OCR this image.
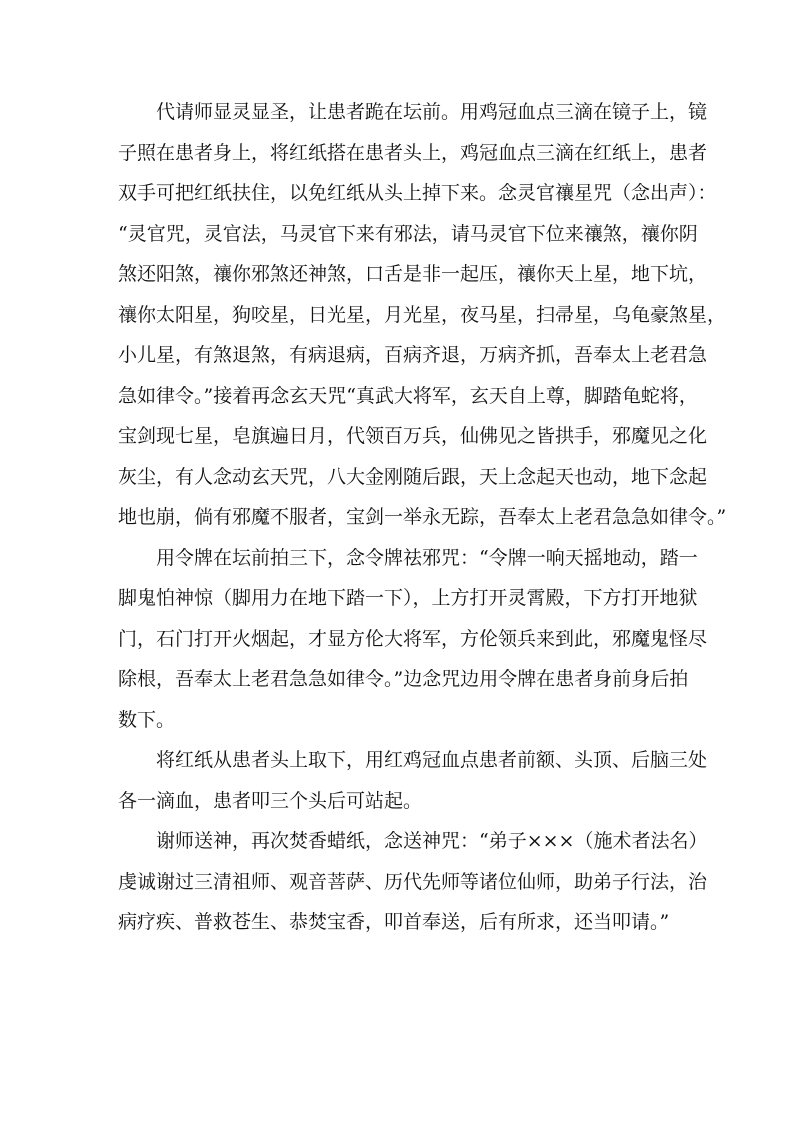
代请师显灵显圣，让患者跪在坛前。用鸡冠血点三滴在镜子上，镜
子照在患者身上，将红纸搭在患者头上，鸡冠血点三滴在红纸上，患者
双手可把红纸扶住，以免红纸从头上掉下来。念灵官禳星咒（念出声）：
“灵官咒，灵官法，马灵官下来有邪法，请马灵官下位来禳煞，禳你阴
煞还阳煞，禳你邪煞还神煞，口舌是非一起压，禳你天上星，地下坑，
禳你太阳星，狗咬星，日光星，月光星，夜马星，扫帚星，乌龟豪煞星，
小儿星，有煞退煞，有病退病，百病齐退，万病齐抓，吾奉太上老君急
急如律令。”接着再念玄天咒“真武大将军，玄天自上尊，脚踏龟蛇将，
宝剑现七星，皂旗遍日月，代领百万兵，仙佛见之皆拱手，邪魔见之化
灰尘，有人念动玄天咒，八大金刚随后跟，天上念起天也动，地下念起
地也崩，倘有邪魔不服者，宝剑一举永无踪，吾奉太上老君急急如律令。”
用令牌在坛前拍三下，念令牌祛邪咒：“令牌一响天摇地动，踏一
脚鬼怕神惊（脚用力在地下踏一下），上方打开灵霄殿，下方打开地狱
门，石门打开火烟起，才显方伦大将军，方伦领兵来到此，邪魔鬼怪尽
除根，吾奉太上老君急急如律令。”边念咒边用令牌在患者身前身后拍
数下。
将红纸从患者头上取下，用红鸡冠血点患者前额、头顶、后脑三处
各一滴血，患者叩三个头后可站起。
谢师送神，再次焚香蜡纸，念送神咒：“弟子×××（施术者法名）
虔诚谢过三清祖师、观音菩萨、历代先师等诸位仙师，助弟子行法，治
病疗疾、普救苍生、恭焚宝香，叩首奉送，后有所求，还当叩请。”
